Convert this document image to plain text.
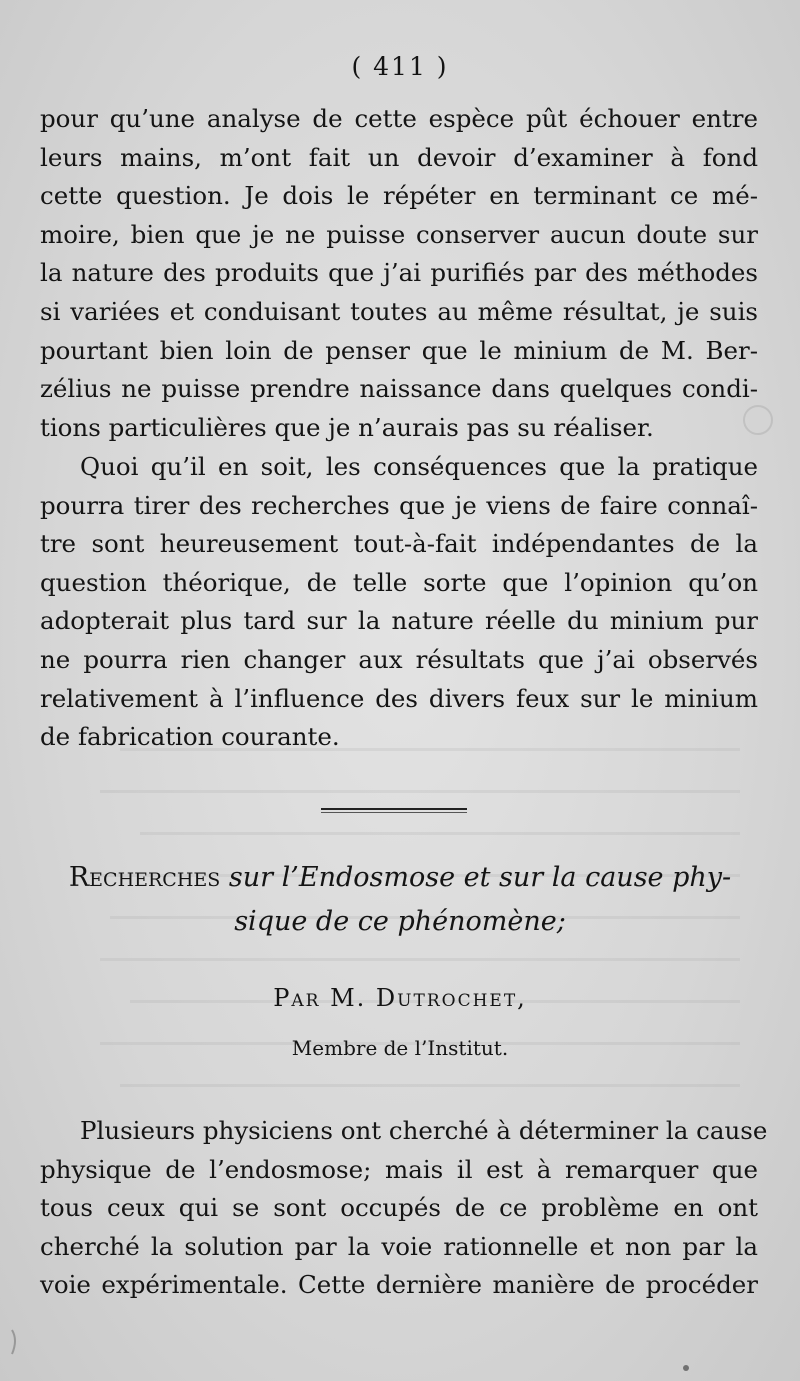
( 411 )
pour qu’une analyse de cette espèce pût échouer entre
leurs mains, m’ont fait un devoir d’examiner à fond
cette question. Je dois le répéter en terminant ce mé-
moire, bien que je ne puisse conserver aucun doute sur
la nature des produits que j’ai purifiés par des méthodes
si variées et conduisant toutes au même résultat, je suis
pourtant bien loin de penser que le minium de M. Ber-
zélius ne puisse prendre naissance dans quelques condi-
tions particulières que je n’aurais pas su réaliser.
Quoi qu’il en soit, les conséquences que la pratique
pourra tirer des recherches que je viens de faire connaî-
tre sont heureusement tout-à-fait indépendantes de la
question théorique, de telle sorte que l’opinion qu’on
adopterait plus tard sur la nature réelle du minium pur
ne pourra rien changer aux résultats que j’ai observés
relativement à l’influence des divers feux sur le minium
de fabrication courante.
Recherches sur l’Endosmose et sur la cause phy-
sique de ce phénomène;
Par M. Dutrochet,
Membre de l’Institut.
Plusieurs physiciens ont cherché à déterminer la cause
physique de l’endosmose; mais il est à remarquer que
tous ceux qui se sont occupés de ce problème en ont
cherché la solution par la voie rationnelle et non par la
voie expérimentale. Cette dernière manière de procéder
